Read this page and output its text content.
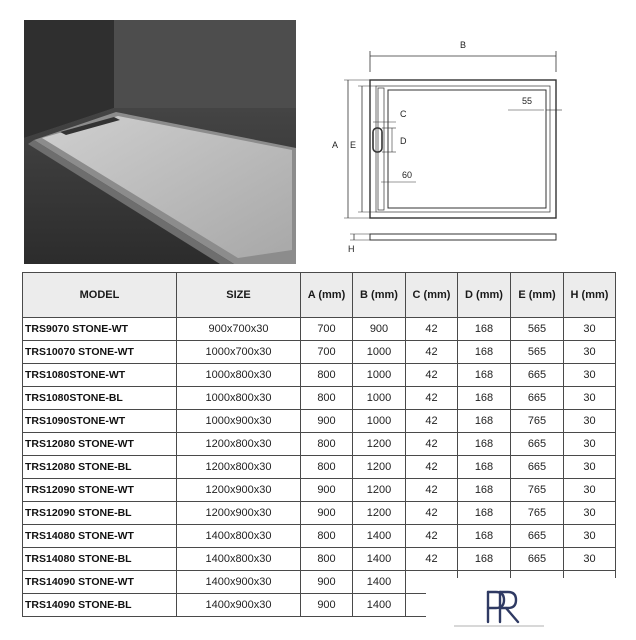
B
A E
C
D
60
55
H
MODEL	SIZE	A (mm)	B (mm)	C (mm)	D (mm)	E (mm)	H (mm)
TRS9070 STONE-WT	900x700x30	700	900	42	168	565	30
TRS10070 STONE-WT	1000x700x30	700	1000	42	168	565	30
TRS1080STONE-WT	1000x800x30	800	1000	42	168	665	30
TRS1080STONE-BL	1000x800x30	800	1000	42	168	665	30
TRS1090STONE-WT	1000x900x30	900	1000	42	168	765	30
TRS12080 STONE-WT	1200x800x30	800	1200	42	168	665	30
TRS12080 STONE-BL	1200x800x30	800	1200	42	168	665	30
TRS12090 STONE-WT	1200x900x30	900	1200	42	168	765	30
TRS12090 STONE-BL	1200x900x30	900	1200	42	168	765	30
TRS14080 STONE-WT	1400x800x30	800	1400	42	168	665	30
TRS14080 STONE-BL	1400x800x30	800	1400	42	168	665	30
TRS14090 STONE-WT	1400x900x30	900	1400				
TRS14090 STONE-BL	1400x900x30	900	1400				
